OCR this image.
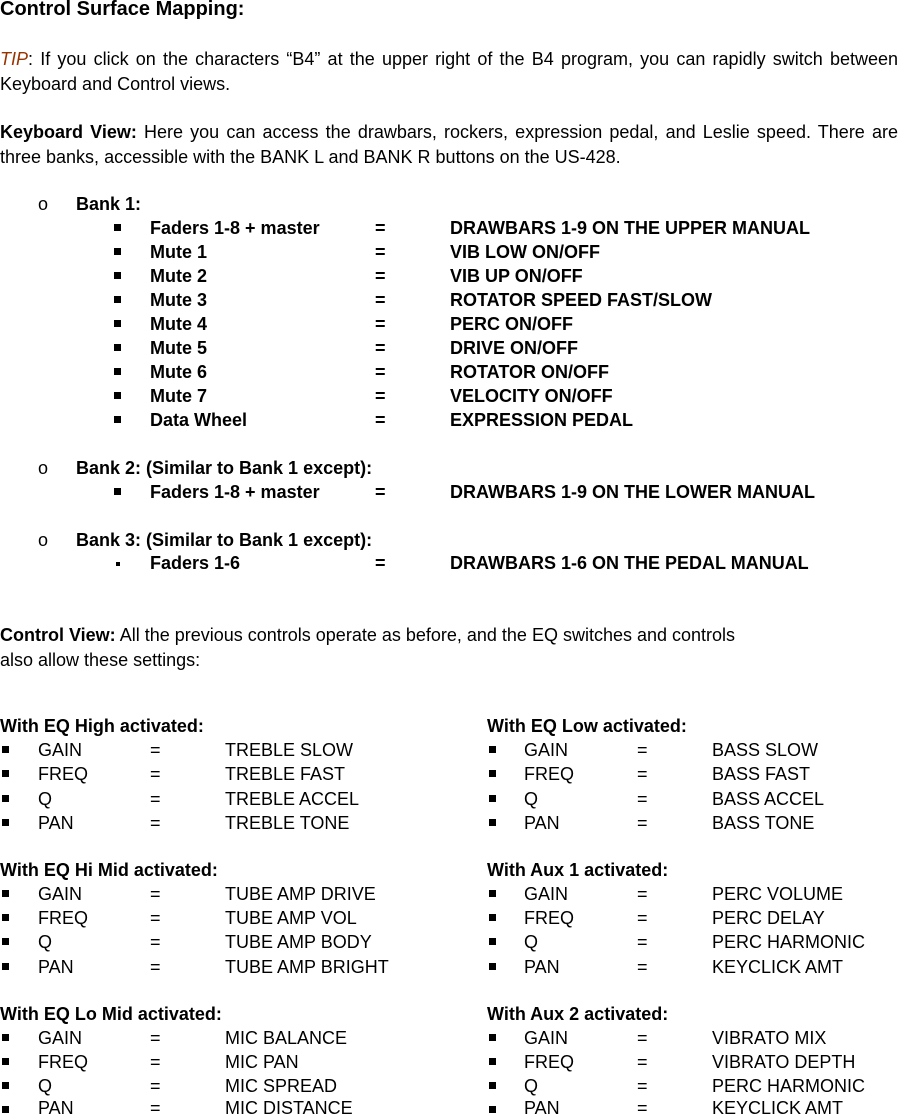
Control Surface Mapping:

TIP: If you click on the characters “B4” at the upper right of the B4 program, you can rapidly switch between Keyboard and Control views.

Keyboard View: Here you can access the drawbars, rockers, expression pedal, and Leslie speed. There are three banks, accessible with the BANK L and BANK R buttons on the US-428.

o Bank 1:
Faders 1-8 + master	=	DRAWBARS 1-9 ON THE UPPER MANUAL
Mute 1	=	VIB LOW ON/OFF
Mute 2	=	VIB UP ON/OFF
Mute 3	=	ROTATOR SPEED FAST/SLOW
Mute 4	=	PERC ON/OFF
Mute 5	=	DRIVE ON/OFF
Mute 6	=	ROTATOR ON/OFF
Mute 7	=	VELOCITY ON/OFF
Data Wheel	=	EXPRESSION PEDAL
o Bank 2: (Similar to Bank 1 except):
Faders 1-8 + master	=	DRAWBARS 1-9 ON THE LOWER MANUAL
o Bank 3: (Similar to Bank 1 except):
Faders 1-6	=	DRAWBARS 1-6 ON THE PEDAL MANUAL
Control View: All the previous controls operate as before, and the EQ switches and controls
also allow these settings:
With EQ High activated:
GAIN	=	TREBLE SLOW
FREQ	=	TREBLE FAST
Q	=	TREBLE ACCEL
PAN	=	TREBLE TONE
With EQ Low activated:
GAIN	=	BASS SLOW
FREQ	=	BASS FAST
Q	=	BASS ACCEL
PAN	=	BASS TONE
With EQ Hi Mid activated:
GAIN	=	TUBE AMP DRIVE
FREQ	=	TUBE AMP VOL
Q	=	TUBE AMP BODY
PAN	=	TUBE AMP BRIGHT
With Aux 1 activated:
GAIN	=	PERC VOLUME
FREQ	=	PERC DELAY
Q	=	PERC HARMONIC
PAN	=	KEYCLICK AMT
With EQ Lo Mid activated:
GAIN	=	MIC BALANCE
FREQ	=	MIC PAN
Q	=	MIC SPREAD
PAN	=	MIC DISTANCE
With Aux 2 activated:
GAIN	=	VIBRATO MIX
FREQ	=	VIBRATO DEPTH
Q	=	PERC HARMONIC
PAN	=	KEYCLICK AMT
